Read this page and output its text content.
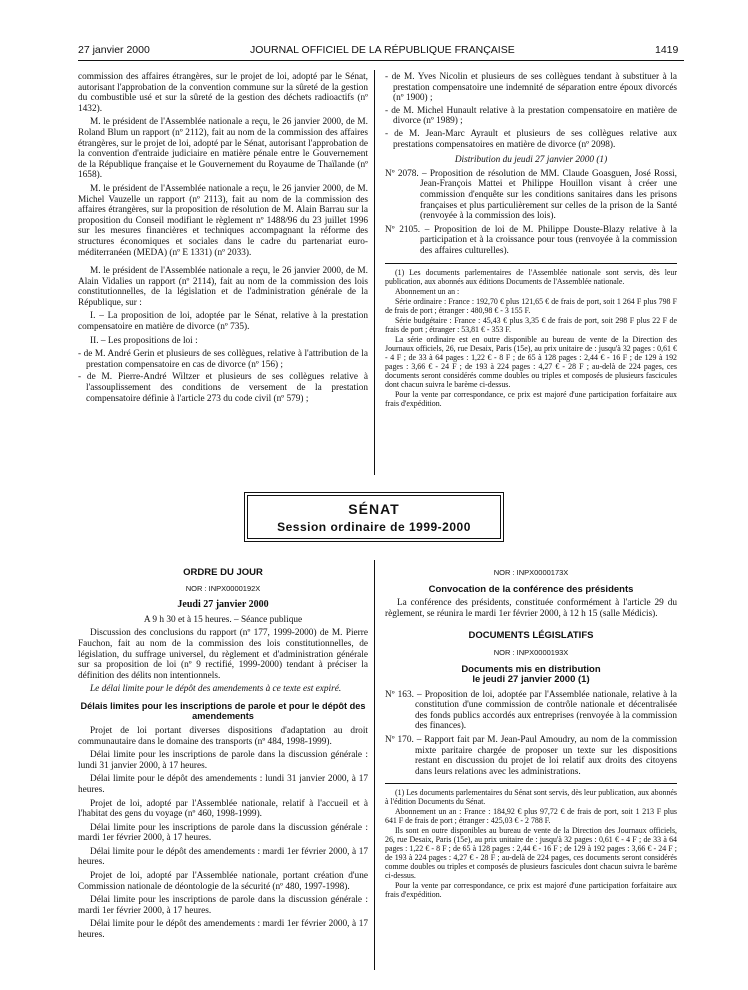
27 janvier 2000	JOURNAL OFFICIEL DE LA RÉPUBLIQUE FRANÇAISE	1419

commission des affaires étrangères, sur le projet de loi, adopté par le Sénat, autorisant l'approbation de la convention commune sur la sûreté de la gestion du combustible usé et sur la sûreté de la gestion des déchets radioactifs (nº 1432).

M. le président de l'Assemblée nationale a reçu, le 26 janvier 2000, de M. Roland Blum un rapport (nº 2112), fait au nom de la commission des affaires étrangères, sur le projet de loi, adopté par le Sénat, autorisant l'approbation de la convention d'entraide judiciaire en matière pénale entre le Gouvernement de la République française et le Gouvernement du Royaume de Thaïlande (nº 1658).

M. le président de l'Assemblée nationale a reçu, le 26 janvier 2000, de M. Michel Vauzelle un rapport (nº 2113), fait au nom de la commission des affaires étrangères, sur la proposition de résolution de M. Alain Barrau sur la proposition du Conseil modifiant le règlement nº 1488/96 du 23 juillet 1996 sur les mesures financières et techniques accompagnant la réforme des structures économiques et sociales dans le cadre du partenariat euro-méditerranéen (MEDA) (nº E 1331) (nº 2033).

M. le président de l'Assemblée nationale a reçu, le 26 janvier 2000, de M. Alain Vidalies un rapport (nº 2114), fait au nom de la commission des lois constitutionnelles, de la législation et de l'administration générale de la République, sur :

I. – La proposition de loi, adoptée par le Sénat, relative à la prestation compensatoire en matière de divorce (nº 735).

II. – Les propositions de loi :

- de M. André Gerin et plusieurs de ses collègues, relative à l'attribution de la prestation compensatoire en cas de divorce (nº 156) ;
- de M. Pierre-André Wiltzer et plusieurs de ses collègues relative à l'assouplissement des conditions de versement de la prestation compensatoire définie à l'article 273 du code civil (nº 579) ;
- de M. Yves Nicolin et plusieurs de ses collègues tendant à substituer à la prestation compensatoire une indemnité de séparation entre époux divorcés (nº 1900) ;
- de M. Michel Hunault relative à la prestation compensatoire en matière de divorce (nº 1989) ;
- de M. Jean-Marc Ayrault et plusieurs de ses collègues relative aux prestations compensatoires en matière de divorce (nº 2098).

Distribution du jeudi 27 janvier 2000 (1)

Nº 2078. – Proposition de résolution de MM. Claude Goasguen, José Rossi, Jean-François Mattei et Philippe Houillon visant à créer une commission d'enquête sur les conditions sanitaires dans les prisons françaises et plus particulièrement sur celles de la prison de la Santé (renvoyée à la commission des lois).
Nº 2105. – Proposition de loi de M. Philippe Douste-Blazy relative à la participation et à la croissance pour tous (renvoyée à la commission des affaires culturelles).

(1) Les documents parlementaires de l'Assemblée nationale sont servis, dès leur publication, aux abonnés aux éditions Documents de l'Assemblée nationale.

Abonnement un an :

Série ordinaire : France : 192,70 € plus 121,65 € de frais de port, soit 1 264 F plus 798 F de frais de port ; étranger : 480,98 € - 3 155 F.

Série budgétaire : France : 45,43 € plus 3,35 € de frais de port, soit 298 F plus 22 F de frais de port ; étranger : 53,81 € - 353 F.

La série ordinaire est en outre disponible au bureau de vente de la Direction des Journaux officiels, 26, rue Desaix, Paris (15e), au prix unitaire de : jusqu'à 32 pages : 0,61 € - 4 F ; de 33 à 64 pages : 1,22 € - 8 F ; de 65 à 128 pages : 2,44 € - 16 F ; de 129 à 192 pages : 3,66 € - 24 F ; de 193 à 224 pages : 4,27 € - 28 F ; au-delà de 224 pages, ces documents seront considérés comme doubles ou triples et composés de plusieurs fascicules dont chacun suivra le barème ci-dessus.

Pour la vente par correspondance, ce prix est majoré d'une participation forfaitaire aux frais d'expédition.

SÉNAT
Session ordinaire de 1999-2000
ORDRE DU JOUR
NOR : INPX0000192X

Jeudi 27 janvier 2000

A 9 h 30 et à 15 heures. – Séance publique

Discussion des conclusions du rapport (nº 177, 1999-2000) de M. Pierre Fauchon, fait au nom de la commission des lois constitutionnelles, de législation, du suffrage universel, du règlement et d'administration générale sur sa proposition de loi (nº 9 rectifié, 1999-2000) tendant à préciser la définition des délits non intentionnels.

Le délai limite pour le dépôt des amendements à ce texte est expiré.

Délais limites pour les inscriptions de parole et pour le dépôt des amendements

Projet de loi portant diverses dispositions d'adaptation au droit communautaire dans le domaine des transports (nº 484, 1998-1999).

Délai limite pour les inscriptions de parole dans la discussion générale : lundi 31 janvier 2000, à 17 heures.

Délai limite pour le dépôt des amendements : lundi 31 janvier 2000, à 17 heures.

Projet de loi, adopté par l'Assemblée nationale, relatif à l'accueil et à l'habitat des gens du voyage (nº 460, 1998-1999).

Délai limite pour les inscriptions de parole dans la discussion générale : mardi 1er février 2000, à 17 heures.

Délai limite pour le dépôt des amendements : mardi 1er février 2000, à 17 heures.

Projet de loi, adopté par l'Assemblée nationale, portant création d'une Commission nationale de déontologie de la sécurité (nº 480, 1997-1998).

Délai limite pour les inscriptions de parole dans la discussion générale : mardi 1er février 2000, à 17 heures.

Délai limite pour le dépôt des amendements : mardi 1er février 2000, à 17 heures.

NOR : INPX0000173X
Convocation de la conférence des présidents

La conférence des présidents, constituée conformément à l'article 29 du règlement, se réunira le mardi 1er février 2000, à 12 h 15 (salle Médicis).

DOCUMENTS LÉGISLATIFS
NOR : INPX0000193X
Documents mis en distribution
le jeudi 27 janvier 2000 (1)
Nº 163. – Proposition de loi, adoptée par l'Assemblée nationale, relative à la constitution d'une commission de contrôle nationale et décentralisée des fonds publics accordés aux entreprises (renvoyée à la commission des finances).
Nº 170. – Rapport fait par M. Jean-Paul Amoudry, au nom de la commission mixte paritaire chargée de proposer un texte sur les dispositions restant en discussion du projet de loi relatif aux droits des citoyens dans leurs relations avec les administrations.

(1) Les documents parlementaires du Sénat sont servis, dès leur publication, aux abonnés à l'édition Documents du Sénat.

Abonnement un an : France : 184,92 € plus 97,72 € de frais de port, soit 1 213 F plus 641 F de frais de port ; étranger : 425,03 € - 2 788 F.

Ils sont en outre disponibles au bureau de vente de la Direction des Journaux officiels, 26, rue Desaix, Paris (15e), au prix unitaire de : jusqu'à 32 pages : 0,61 € - 4 F ; de 33 à 64 pages : 1,22 € - 8 F ; de 65 à 128 pages : 2,44 € - 16 F ; de 129 à 192 pages : 3,66 € - 24 F ; de 193 à 224 pages : 4,27 € - 28 F ; au-delà de 224 pages, ces documents seront considérés comme doubles ou triples et composés de plusieurs fascicules dont chacun suivra le barème ci-dessus.

Pour la vente par correspondance, ce prix est majoré d'une participation forfaitaire aux frais d'expédition.
